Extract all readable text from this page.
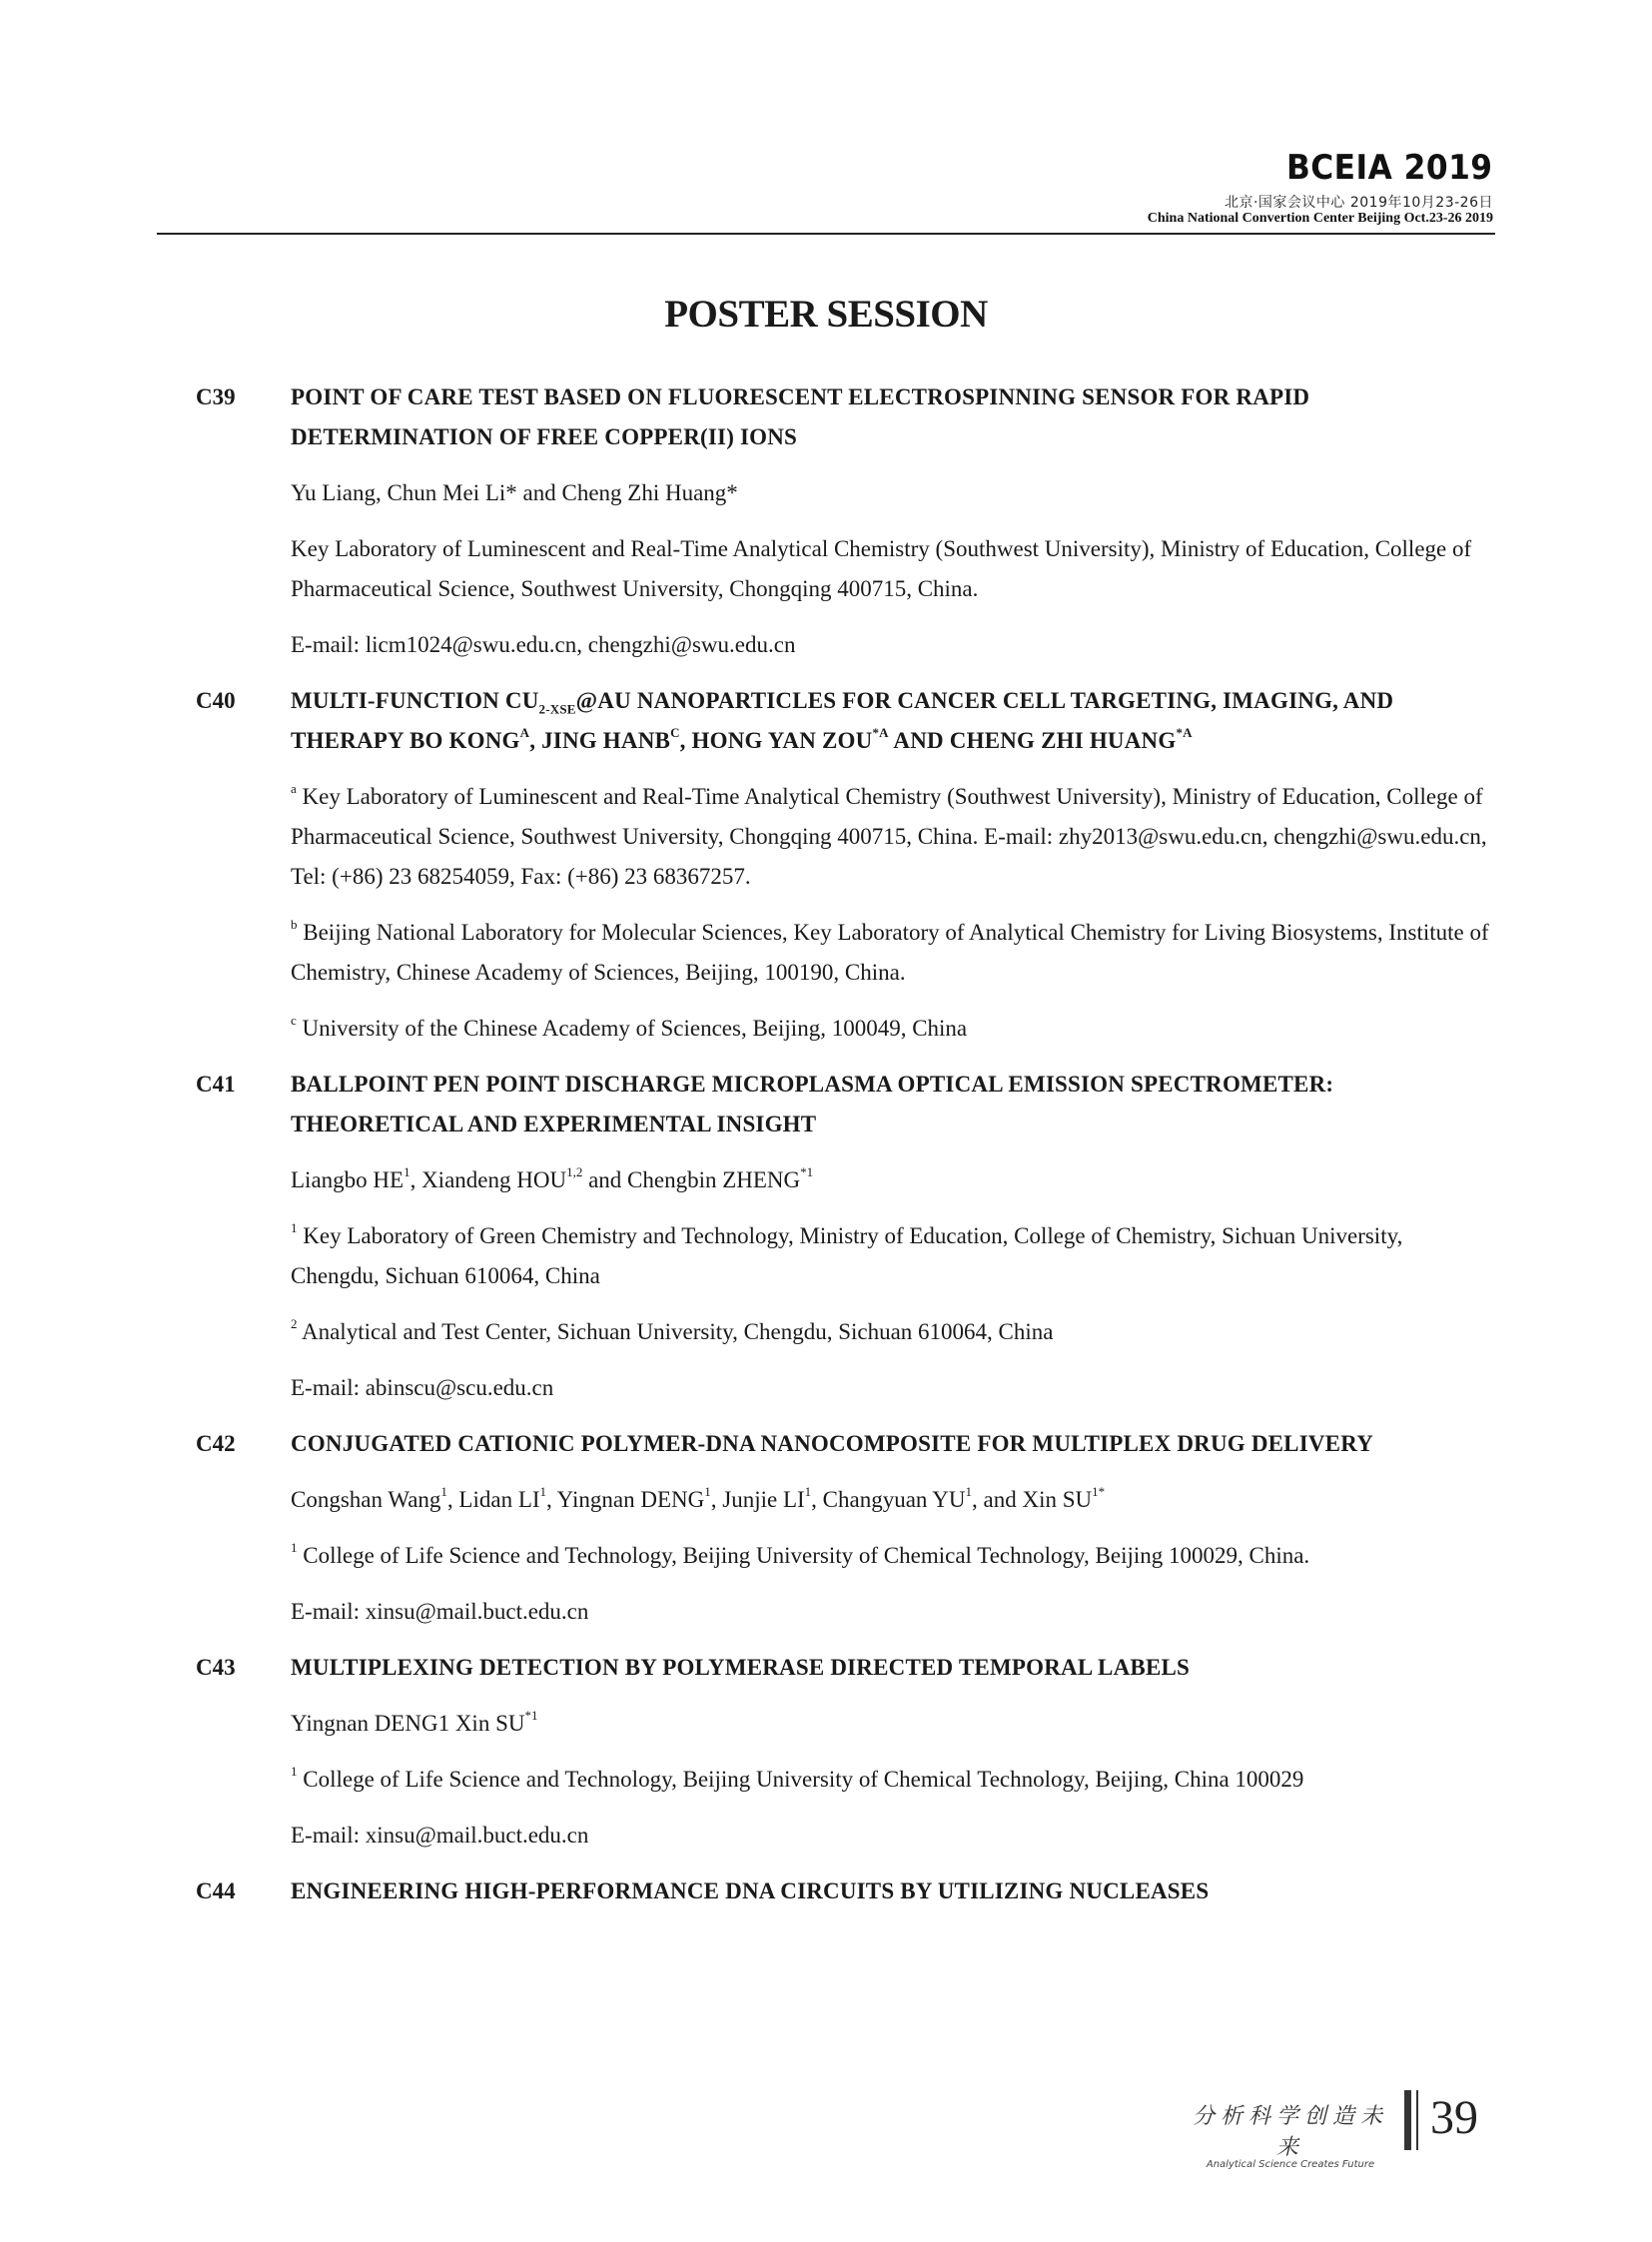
BCEIA 2019
北京·国家会议中心 2019年10月23-26日
China National Convertion Center Beijing Oct.23-26 2019
POSTER SESSION
C39 POINT OF CARE TEST BASED ON FLUORESCENT ELECTROSPINNING SENSOR FOR RAPID DETERMINATION OF FREE COPPER(II) IONS
Yu Liang, Chun Mei Li* and Cheng Zhi Huang*
Key Laboratory of Luminescent and Real-Time Analytical Chemistry (Southwest University), Ministry of Education, College of Pharmaceutical Science, Southwest University, Chongqing 400715, China.
E-mail: licm1024@swu.edu.cn, chengzhi@swu.edu.cn
C40 MULTI-FUNCTION $CU_{2-XSE}@AU$ NANOPARTICLES FOR CANCER CELL TARGETING, IMAGING, AND THERAPY BO $KONG^A$, JING $HANB^C$, HONG YAN $ZOU^{*A}$ AND CHENG ZHI $HUANG^{*A}$
$^a$ Key Laboratory of Luminescent and Real-Time Analytical Chemistry (Southwest University), Ministry of Education, College of Pharmaceutical Science, Southwest University, Chongqing 400715, China. E-mail: zhy2013@swu.edu.cn, chengzhi@swu.edu.cn, Tel: (+86) 23 68254059, Fax: (+86) 23 68367257.
$^b$ Beijing National Laboratory for Molecular Sciences, Key Laboratory of Analytical Chemistry for Living Biosystems, Institute of Chemistry, Chinese Academy of Sciences, Beijing, 100190, China.
$^c$ University of the Chinese Academy of Sciences, Beijing, 100049, China
C41 BALLPOINT PEN POINT DISCHARGE MICROPLASMA OPTICAL EMISSION SPECTROMETER: THEORETICAL AND EXPERIMENTAL INSIGHT
Liangbo $HE^1$, Xiandeng HOU$^{1,2}$ and Chengbin ZHENG$^{*1}$
$^1$ Key Laboratory of Green Chemistry and Technology, Ministry of Education, College of Chemistry, Sichuan University, Chengdu, Sichuan 610064, China
$^2$ Analytical and Test Center, Sichuan University, Chengdu, Sichuan 610064, China
E-mail: abinscu@scu.edu.cn
C42 CONJUGATED CATIONIC POLYMER-DNA NANOCOMPOSITE FOR MULTIPLEX DRUG DELIVERY
Congshan Wang$^1$, Lidan $LI^1$, Yingnan DENG$^1$, Junjie $LI^1$, Changyuan $YU^1$, and Xin $SU^{1*}$
$^1$ College of Life Science and Technology, Beijing University of Chemical Technology, Beijing 100029, China.
E-mail: xinsu@mail.buct.edu.cn
C43 MULTIPLEXING DETECTION BY POLYMERASE DIRECTED TEMPORAL LABELS
Yingnan DENG1 Xin SU$^{*1}$
$^1$ College of Life Science and Technology, Beijing University of Chemical Technology, Beijing, China 100029
E-mail: xinsu@mail.buct.edu.cn
C44 ENGINEERING HIGH-PERFORMANCE DNA CIRCUITS BY UTILIZING NUCLEASES
分析科学创造未来
Analytical Science Creates Future
39
